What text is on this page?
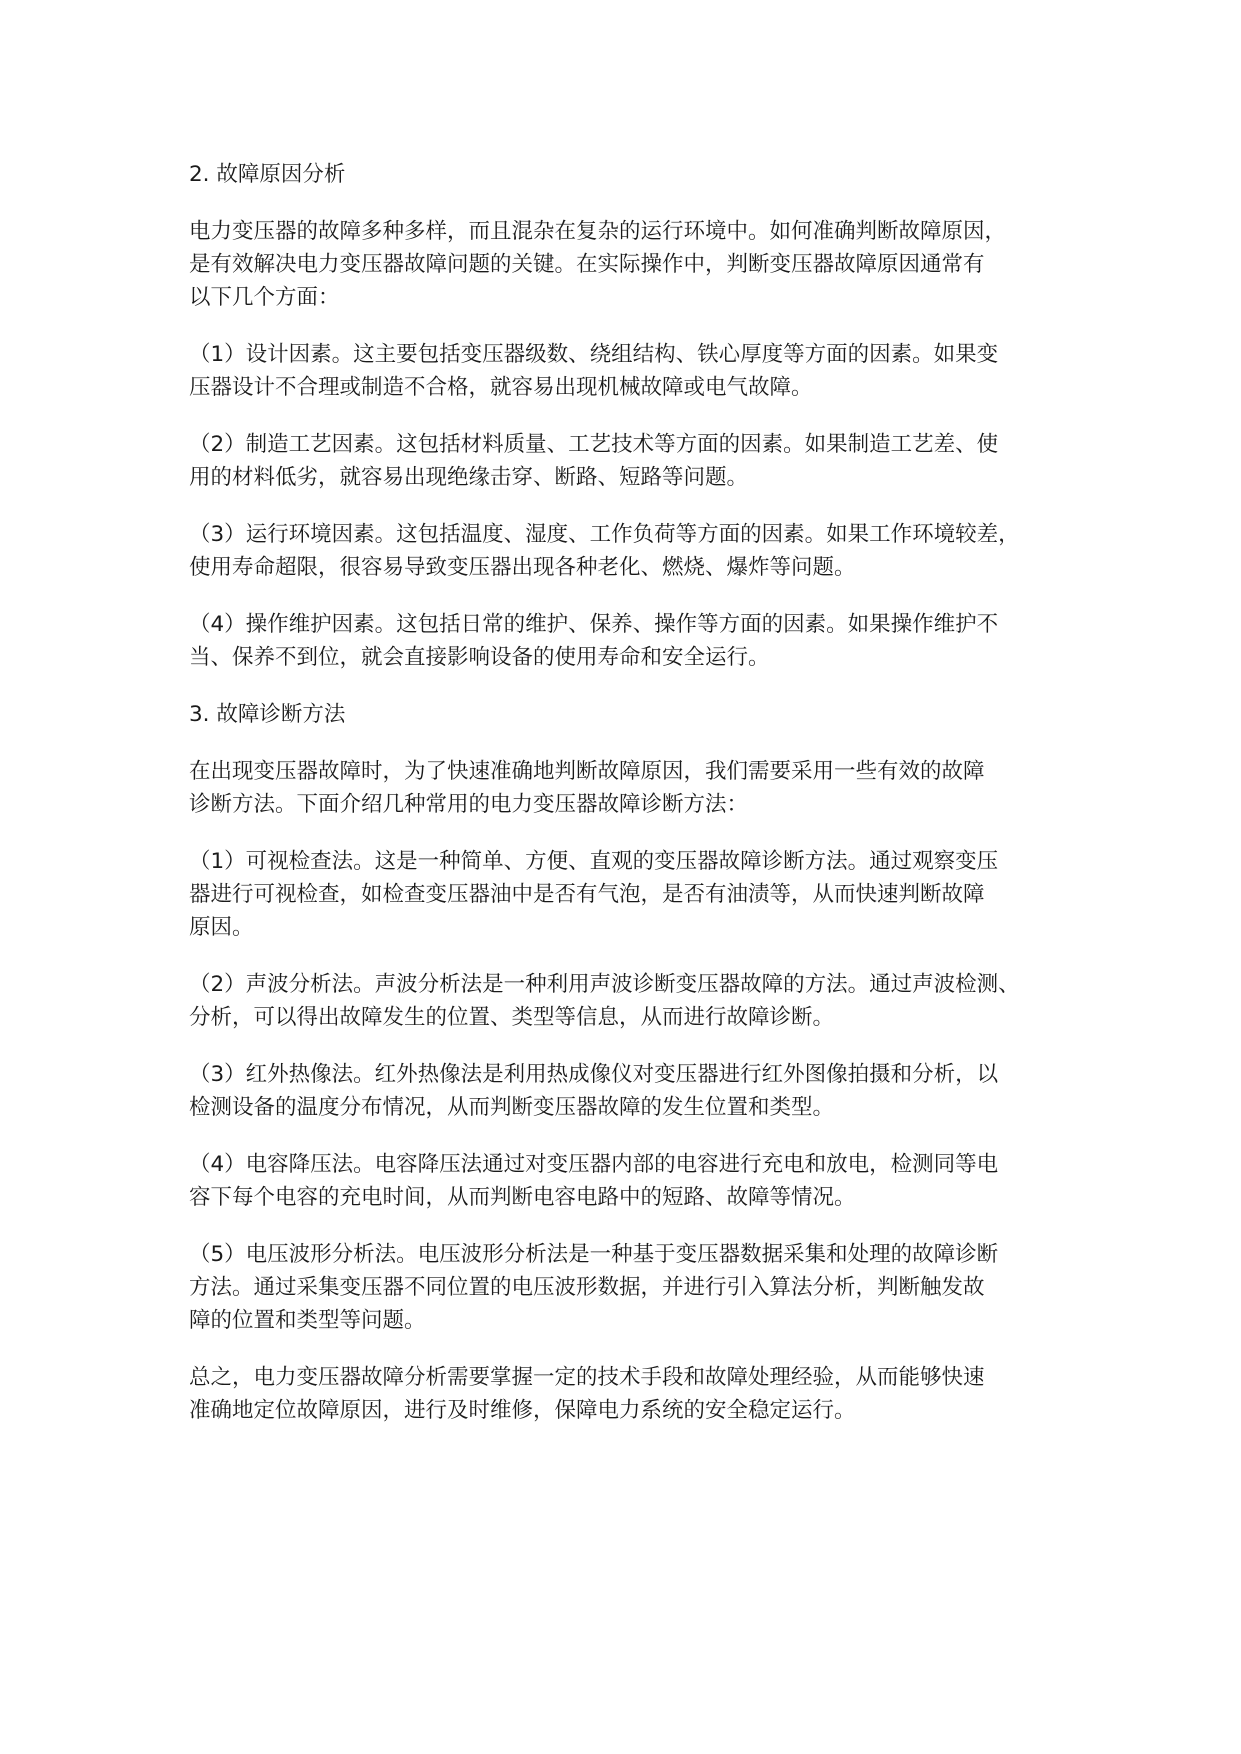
2. 故障原因分析
电力变压器的故障多种多样，而且混杂在复杂的运行环境中。如何准确判断故障原因，
是有效解决电力变压器故障问题的关键。在实际操作中，判断变压器故障原因通常有
以下几个方面：
（1）设计因素。这主要包括变压器级数、绕组结构、铁心厚度等方面的因素。如果变
压器设计不合理或制造不合格，就容易出现机械故障或电气故障。
（2）制造工艺因素。这包括材料质量、工艺技术等方面的因素。如果制造工艺差、使
用的材料低劣，就容易出现绝缘击穿、断路、短路等问题。
（3）运行环境因素。这包括温度、湿度、工作负荷等方面的因素。如果工作环境较差，
使用寿命超限，很容易导致变压器出现各种老化、燃烧、爆炸等问题。
（4）操作维护因素。这包括日常的维护、保养、操作等方面的因素。如果操作维护不
当、保养不到位，就会直接影响设备的使用寿命和安全运行。
3. 故障诊断方法
在出现变压器故障时，为了快速准确地判断故障原因，我们需要采用一些有效的故障
诊断方法。下面介绍几种常用的电力变压器故障诊断方法：
（1）可视检查法。这是一种简单、方便、直观的变压器故障诊断方法。通过观察变压
器进行可视检查，如检查变压器油中是否有气泡，是否有油渍等，从而快速判断故障
原因。
（2）声波分析法。声波分析法是一种利用声波诊断变压器故障的方法。通过声波检测、
分析，可以得出故障发生的位置、类型等信息，从而进行故障诊断。
（3）红外热像法。红外热像法是利用热成像仪对变压器进行红外图像拍摄和分析，以
检测设备的温度分布情况，从而判断变压器故障的发生位置和类型。
（4）电容降压法。电容降压法通过对变压器内部的电容进行充电和放电，检测同等电
容下每个电容的充电时间，从而判断电容电路中的短路、故障等情况。
（5）电压波形分析法。电压波形分析法是一种基于变压器数据采集和处理的故障诊断
方法。通过采集变压器不同位置的电压波形数据，并进行引入算法分析，判断触发故
障的位置和类型等问题。
总之，电力变压器故障分析需要掌握一定的技术手段和故障处理经验，从而能够快速
准确地定位故障原因，进行及时维修，保障电力系统的安全稳定运行。
